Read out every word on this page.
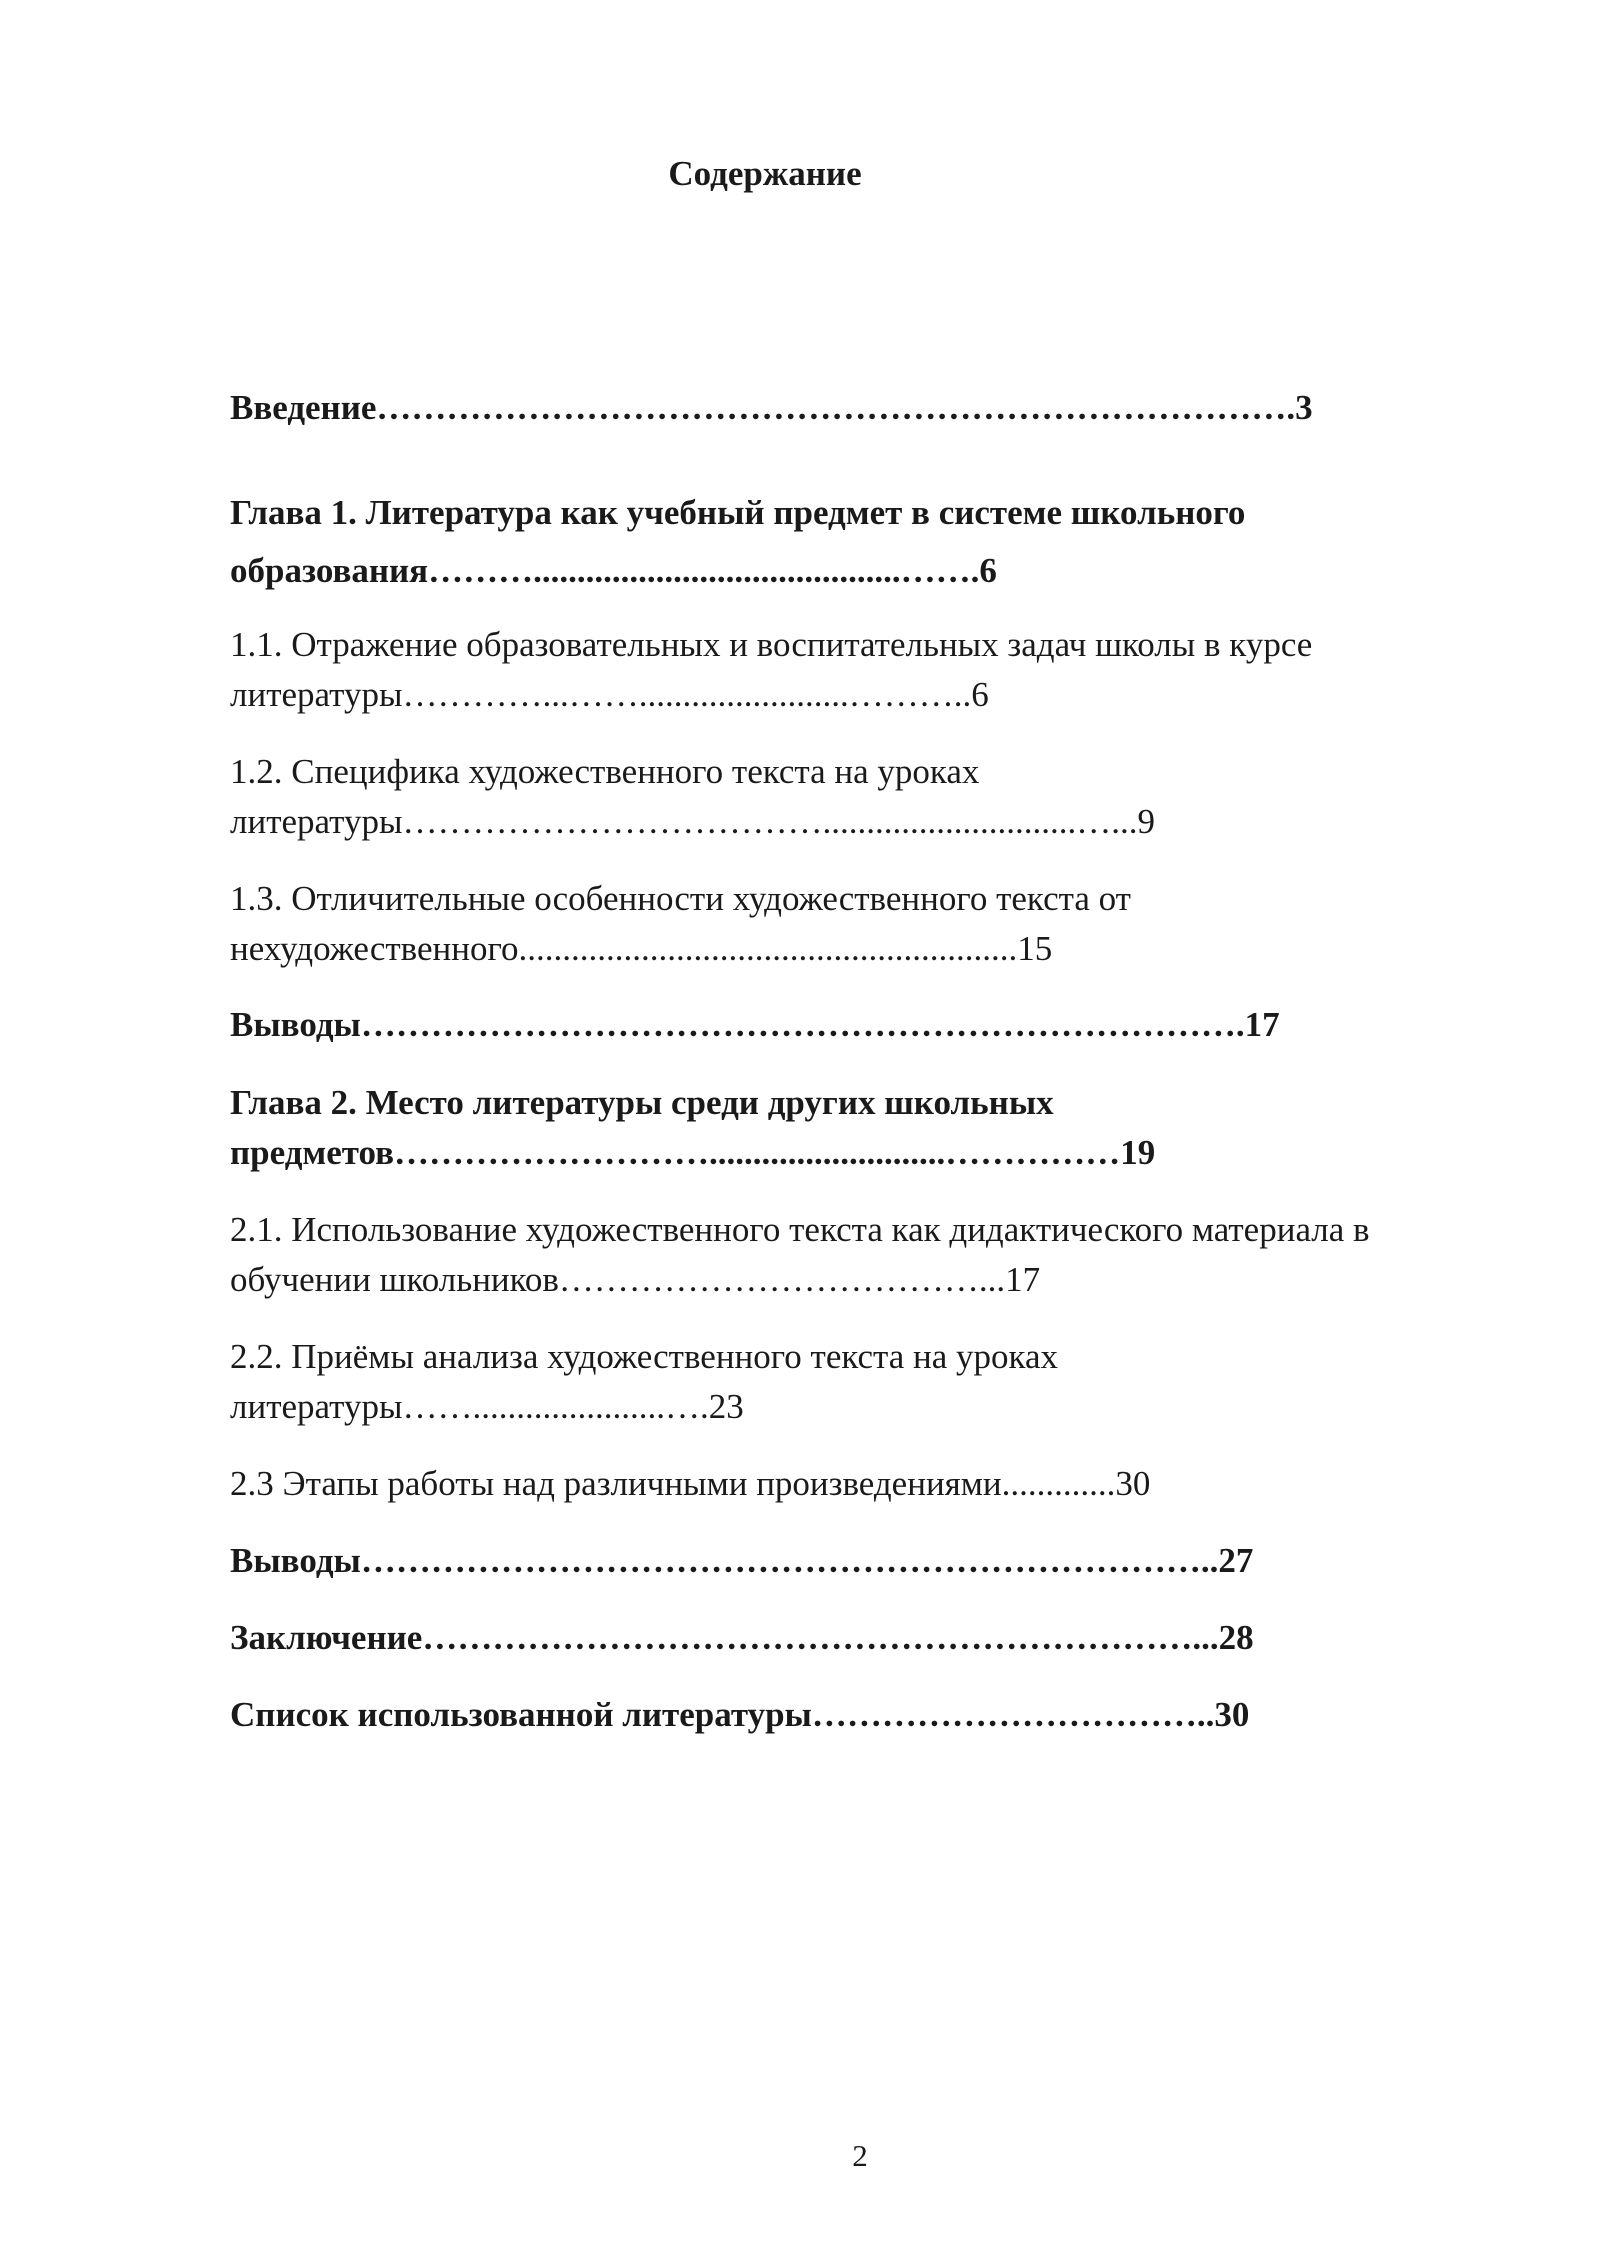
Содержание
Введение…………………………………………………………………….3
Глава 1. Литература как учебный предмет в системе школьного
образования………..........................................…….6
1.1. Отражение образовательных и воспитательных задач школы в курсе
литературы…………...……........................………..6
1.2. Специфика художественного текста на уроках
литературы……………………………….............................…...9
1.3. Отличительные особенности художественного текста от
нехудожественного.........................................................15
Выводы………………………………………………………………….17
Глава 2. Место литературы среди других школьных
предметов………………………...........................……………19
2.1. Использование художественного текста как дидактического материала в
обучении школьников………………………………...17
2.2. Приёмы анализа художественного текста на уроках
литературы……......................….23
2.3 Этапы работы над различными произведениями.............30
Выводы………………………………………………………………..27
Заключение…………………………………………………………...28
Список использованной литературы……………………………..30
2
